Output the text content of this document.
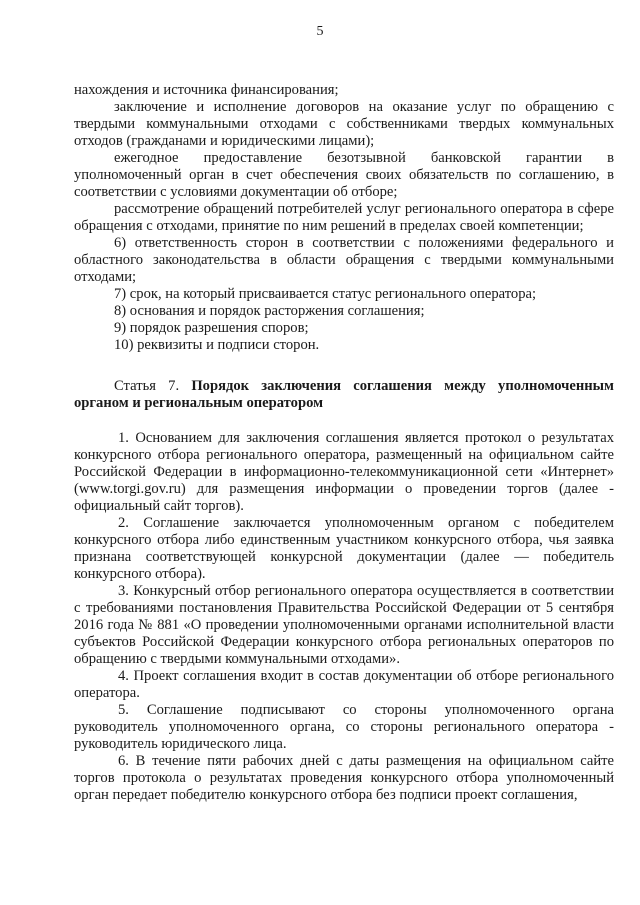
5

нахождения и источника финансирования;

заключение и исполнение договоров на оказание услуг по обращению с твердыми коммунальными отходами с собственниками твердых коммунальных отходов (гражданами и юридическими лицами);

ежегодное предоставление безотзывной банковской гарантии в уполномоченный орган в счет обеспечения своих обязательств по соглашению, в соответствии с условиями документации об отборе;

рассмотрение обращений потребителей услуг регионального оператора в сфере обращения с отходами, принятие по ним решений в пределах своей компетенции;

6) ответственность сторон в соответствии с положениями федерального и областного законодательства в области обращения с твердыми коммунальными отходами;

7) срок, на который присваивается статус регионального оператора;

8) основания и порядок расторжения соглашения;

9) порядок разрешения споров;

10) реквизиты и подписи сторон.

Статья 7. Порядок заключения соглашения между уполномоченным органом и региональным оператором

1. Основанием для заключения соглашения является протокол о результатах конкурсного отбора регионального оператора, размещенный на официальном сайте Российской Федерации в информационно-телекоммуникационной сети «Интернет» (www.torgi.gov.ru) для размещения информации о проведении торгов (далее - официальный сайт торгов).

2. Соглашение заключается уполномоченным органом с победителем конкурсного отбора либо единственным участником конкурсного отбора, чья заявка признана соответствующей конкурсной документации (далее — победитель конкурсного отбора).

3. Конкурсный отбор регионального оператора осуществляется в соответствии с требованиями постановления Правительства Российской Федерации от 5 сентября 2016 года № 881 «О проведении уполномоченными органами исполнительной власти субъектов Российской Федерации конкурсного отбора региональных операторов по обращению с твердыми коммунальными отходами».

4. Проект соглашения входит в состав документации об отборе регионального оператора.

5. Соглашение подписывают со стороны уполномоченного органа руководитель уполномоченного органа, со стороны регионального оператора - руководитель юридического лица.

6. В течение пяти рабочих дней с даты размещения на официальном сайте торгов протокола о результатах проведения конкурсного отбора уполномоченный орган передает победителю конкурсного отбора без подписи проект соглашения,
